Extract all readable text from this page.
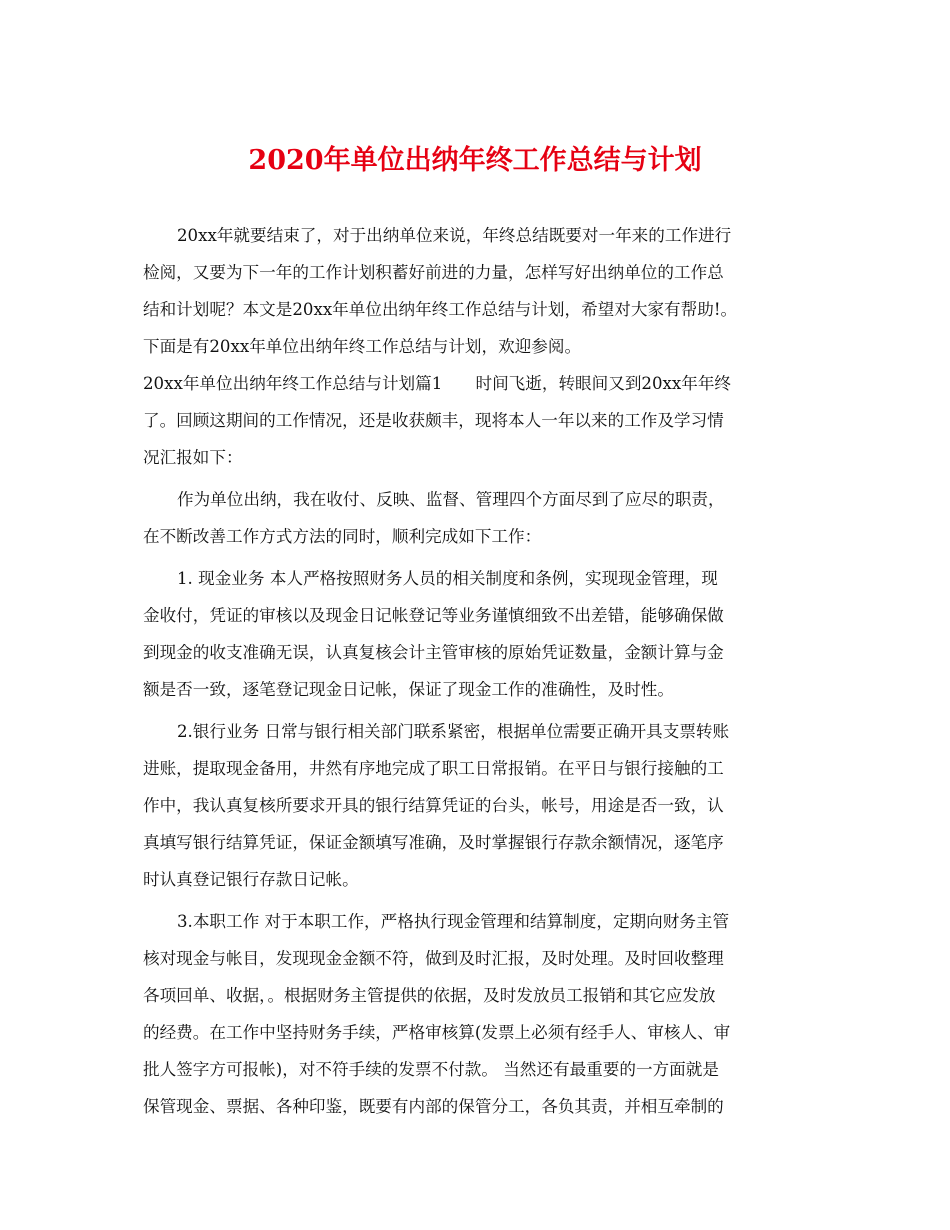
2020年单位出纳年终工作总结与计划
20xx年就要结束了，对于出纳单位来说，年终总结既要对一年来的工作进行
检阅，又要为下一年的工作计划积蓄好前进的力量，怎样写好出纳单位的工作总
结和计划呢？本文是20xx年单位出纳年终工作总结与计划，希望对大家有帮助!。
下面是有20xx年单位出纳年终工作总结与计划，欢迎参阅。
20xx年单位出纳年终工作总结与计划篇1　　时间飞逝，转眼间又到20xx年年终
了。回顾这期间的工作情况，还是收获颇丰，现将本人一年以来的工作及学习情
况汇报如下：
作为单位出纳，我在收付、反映、监督、管理四个方面尽到了应尽的职责，
在不断改善工作方式方法的同时，顺利完成如下工作：
1. 现金业务 本人严格按照财务人员的相关制度和条例，实现现金管理，现
金收付，凭证的审核以及现金日记帐登记等业务谨慎细致不出差错，能够确保做
到现金的收支准确无误，认真复核会计主管审核的原始凭证数量，金额计算与金
额是否一致，逐笔登记现金日记帐，保证了现金工作的准确性，及时性。
2.银行业务 日常与银行相关部门联系紧密，根据单位需要正确开具支票转账
进账，提取现金备用，井然有序地完成了职工日常报销。在平日与银行接触的工
作中，我认真复核所要求开具的银行结算凭证的台头，帐号，用途是否一致，认
真填写银行结算凭证，保证金额填写准确，及时掌握银行存款余额情况，逐笔序
时认真登记银行存款日记帐。
3.本职工作 对于本职工作，严格执行现金管理和结算制度，定期向财务主管
核对现金与帐目，发现现金金额不符，做到及时汇报，及时处理。及时回收整理
各项回单、收据，。根据财务主管提供的依据，及时发放员工报销和其它应发放
的经费。在工作中坚持财务手续，严格审核算(发票上必须有经手人、审核人、审
批人签字方可报帐)，对不符手续的发票不付款。 当然还有最重要的一方面就是
保管现金、票据、各种印鉴，既要有内部的保管分工，各负其责，并相互牵制的
